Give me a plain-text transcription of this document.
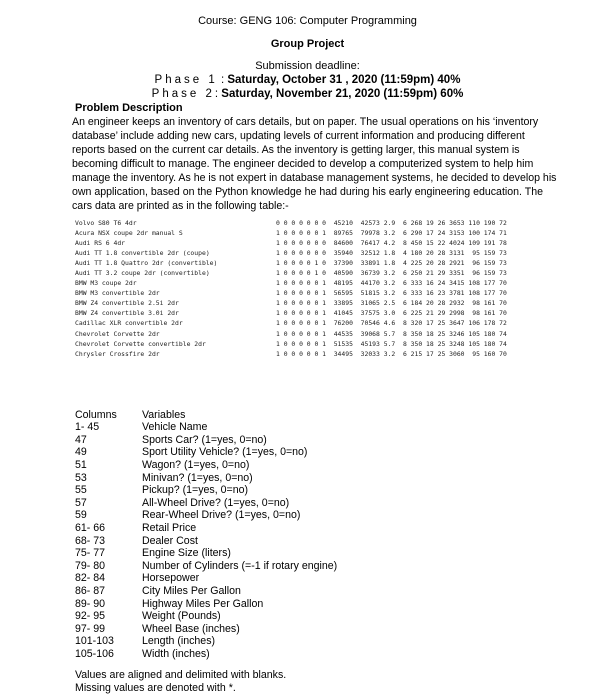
Course: GENG 106: Computer Programming
Group Project
Submission deadline:
Phase 1 : Saturday, October 31 , 2020 (11:59pm) 40%
Phase 2: Saturday, November 21, 2020 (11:59pm) 60%
Problem Description
An engineer keeps an inventory of cars details, but on paper. The usual operations on his ‘inventory database’ include adding new cars, updating levels of current information and producing different reports based on the current car details. As the inventory is getting larger, this manual system is becoming difficult to manage. The engineer decided to develop a computerized system to help him manage the inventory. As he is not expert in database management systems, he decided to develop his own application, based on the Python knowledge he had during his early engineering education. The cars data are printed as in the following table:-
Volvo S80 T6 4dr	0 0 0 0 0 0 0  45210  42573 2.9  6 268 19 26 3653 110 190 72
Acura NSX coupe 2dr manual S	1 0 0 0 0 0 1  89765  79978 3.2  6 290 17 24 3153 100 174 71
Audi RS 6 4dr	1 0 0 0 0 0 0  84600  76417 4.2  8 450 15 22 4024 109 191 78
Audi TT 1.8 convertible 2dr (coupe)	1 0 0 0 0 0 0  35940  32512 1.8  4 180 20 28 3131  95 159 73
Audi TT 1.8 Quattro 2dr (convertible)	1 0 0 0 0 1 0  37390  33891 1.8  4 225 20 28 2921  96 159 73
Audi TT 3.2 coupe 2dr (convertible)	1 0 0 0 0 1 0  40590  36739 3.2  6 250 21 29 3351  96 159 73
BMW M3 coupe 2dr	1 0 0 0 0 0 1  48195  44170 3.2  6 333 16 24 3415 108 177 70
BMW M3 convertible 2dr	1 0 0 0 0 0 1  56595  51815 3.2  6 333 16 23 3781 108 177 70
BMW Z4 convertible 2.5i 2dr	1 0 0 0 0 0 1  33895  31065 2.5  6 184 20 28 2932  98 161 70
BMW Z4 convertible 3.0i 2dr	1 0 0 0 0 0 1  41045  37575 3.0  6 225 21 29 2998  98 161 70
Cadillac XLR convertible 2dr	1 0 0 0 0 0 1  76200  70546 4.6  8 320 17 25 3647 106 178 72
Chevrolet Corvette 2dr	1 0 0 0 0 0 1  44535  39068 5.7  8 350 18 25 3246 105 180 74
Chevrolet Corvette convertible 2dr	1 0 0 0 0 0 1  51535  45193 5.7  8 350 18 25 3248 105 180 74
Chrysler Crossfire 2dr	1 0 0 0 0 0 1  34495  32033 3.2  6 215 17 25 3060  95 160 70
Columns	Variables
1- 45	Vehicle Name
47	Sports Car? (1=yes, 0=no)
49	Sport Utility Vehicle? (1=yes, 0=no)
51	Wagon? (1=yes, 0=no)
53	Minivan? (1=yes, 0=no)
55	Pickup? (1=yes, 0=no)
57	All-Wheel Drive? (1=yes, 0=no)
59	Rear-Wheel Drive? (1=yes, 0=no)
61- 66	Retail Price
68- 73	Dealer Cost
75- 77	Engine Size (liters)
79- 80	Number of Cylinders (=-1 if rotary engine)
82- 84	Horsepower
86- 87	City Miles Per Gallon
89- 90	Highway Miles Per Gallon
92- 95	Weight (Pounds)
97- 99	Wheel Base (inches)
101-103	Length (inches)
105-106	Width (inches)
Values are aligned and delimited with blanks.
Missing values are denoted with *.
